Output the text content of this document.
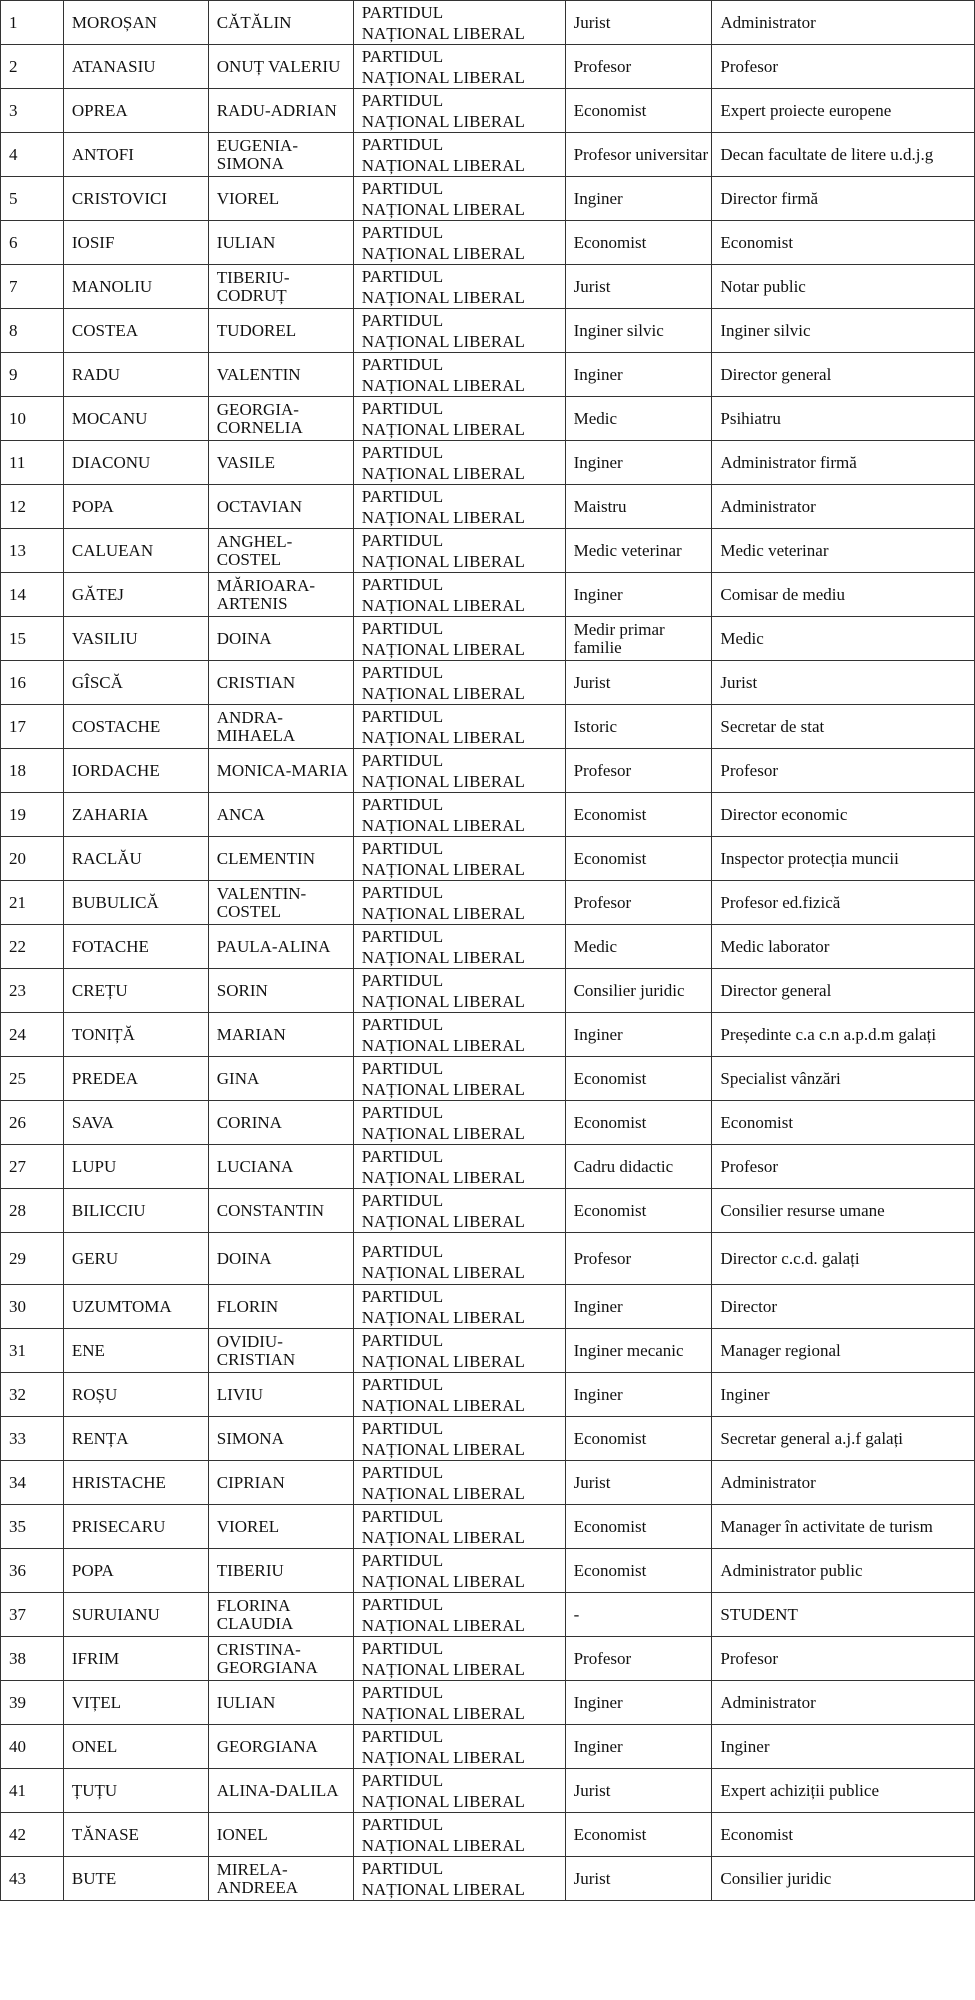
1	MOROȘAN	CĂTĂLIN	PARTIDUL
NAȚIONAL LIBERAL	Jurist	Administrator
2	ATANASIU	ONUȚ VALERIU	PARTIDUL
NAȚIONAL LIBERAL	Profesor	Profesor
3	OPREA	RADU-ADRIAN	PARTIDUL
NAȚIONAL LIBERAL	Economist	Expert proiecte europene
4	ANTOFI	EUGENIA-SIMONA	PARTIDUL
NAȚIONAL LIBERAL	Profesor universitar	Decan facultate de litere u.d.j.g
5	CRISTOVICI	VIOREL	PARTIDUL
NAȚIONAL LIBERAL	Inginer	Director firmă
6	IOSIF	IULIAN	PARTIDUL
NAȚIONAL LIBERAL	Economist	Economist
7	MANOLIU	TIBERIU-CODRUȚ	PARTIDUL
NAȚIONAL LIBERAL	Jurist	Notar public
8	COSTEA	TUDOREL	PARTIDUL
NAȚIONAL LIBERAL	Inginer silvic	Inginer silvic
9	RADU	VALENTIN	PARTIDUL
NAȚIONAL LIBERAL	Inginer	Director general
10	MOCANU	GEORGIA-CORNELIA	PARTIDUL
NAȚIONAL LIBERAL	Medic	Psihiatru
11	DIACONU	VASILE	PARTIDUL
NAȚIONAL LIBERAL	Inginer	Administrator firmă
12	POPA	OCTAVIAN	PARTIDUL
NAȚIONAL LIBERAL	Maistru	Administrator
13	CALUEAN	ANGHEL-COSTEL	PARTIDUL
NAȚIONAL LIBERAL	Medic veterinar	Medic veterinar
14	GĂTEJ	MĂRIOARA-ARTENIS	PARTIDUL
NAȚIONAL LIBERAL	Inginer	Comisar de mediu
15	VASILIU	DOINA	PARTIDUL
NAȚIONAL LIBERAL	Medir primar familie	Medic
16	GÎSCĂ	CRISTIAN	PARTIDUL
NAȚIONAL LIBERAL	Jurist	Jurist
17	COSTACHE	ANDRA-MIHAELA	PARTIDUL
NAȚIONAL LIBERAL	Istoric	Secretar de stat
18	IORDACHE	MONICA-MARIA	PARTIDUL
NAȚIONAL LIBERAL	Profesor	Profesor
19	ZAHARIA	ANCA	PARTIDUL
NAȚIONAL LIBERAL	Economist	Director economic
20	RACLĂU	CLEMENTIN	PARTIDUL
NAȚIONAL LIBERAL	Economist	Inspector protecția muncii
21	BUBULICĂ	VALENTIN-COSTEL	PARTIDUL
NAȚIONAL LIBERAL	Profesor	Profesor ed.fizică
22	FOTACHE	PAULA-ALINA	PARTIDUL
NAȚIONAL LIBERAL	Medic	Medic laborator
23	CREȚU	SORIN	PARTIDUL
NAȚIONAL LIBERAL	Consilier juridic	Director general
24	TONIȚĂ	MARIAN	PARTIDUL
NAȚIONAL LIBERAL	Inginer	Președinte c.a c.n a.p.d.m galați
25	PREDEA	GINA	PARTIDUL
NAȚIONAL LIBERAL	Economist	Specialist vânzări
26	SAVA	CORINA	PARTIDUL
NAȚIONAL LIBERAL	Economist	Economist
27	LUPU	LUCIANA	PARTIDUL
NAȚIONAL LIBERAL	Cadru didactic	Profesor
28	BILICCIU	CONSTANTIN	PARTIDUL
NAȚIONAL LIBERAL	Economist	Consilier resurse umane
29	GERU	DOINA	PARTIDUL
NAȚIONAL LIBERAL	Profesor	Director c.c.d. galați
30	UZUMTOMA	FLORIN	PARTIDUL
NAȚIONAL LIBERAL	Inginer	Director
31	ENE	OVIDIU-CRISTIAN	PARTIDUL
NAȚIONAL LIBERAL	Inginer mecanic	Manager regional
32	ROȘU	LIVIU	PARTIDUL
NAȚIONAL LIBERAL	Inginer	Inginer
33	RENȚA	SIMONA	PARTIDUL
NAȚIONAL LIBERAL	Economist	Secretar general a.j.f galați
34	HRISTACHE	CIPRIAN	PARTIDUL
NAȚIONAL LIBERAL	Jurist	Administrator
35	PRISECARU	VIOREL	PARTIDUL
NAȚIONAL LIBERAL	Economist	Manager în activitate de turism
36	POPA	TIBERIU	PARTIDUL
NAȚIONAL LIBERAL	Economist	Administrator public
37	SURUIANU	FLORINA CLAUDIA	PARTIDUL
NAȚIONAL LIBERAL	-	STUDENT
38	IFRIM	CRISTINA-GEORGIANA	PARTIDUL
NAȚIONAL LIBERAL	Profesor	Profesor
39	VIȚEL	IULIAN	PARTIDUL
NAȚIONAL LIBERAL	Inginer	Administrator
40	ONEL	GEORGIANA	PARTIDUL
NAȚIONAL LIBERAL	Inginer	Inginer
41	ȚUȚU	ALINA-DALILA	PARTIDUL
NAȚIONAL LIBERAL	Jurist	Expert achiziții publice
42	TĂNASE	IONEL	PARTIDUL
NAȚIONAL LIBERAL	Economist	Economist
43	BUTE	MIRELA-ANDREEA	PARTIDUL
NAȚIONAL LIBERAL	Jurist	Consilier juridic
